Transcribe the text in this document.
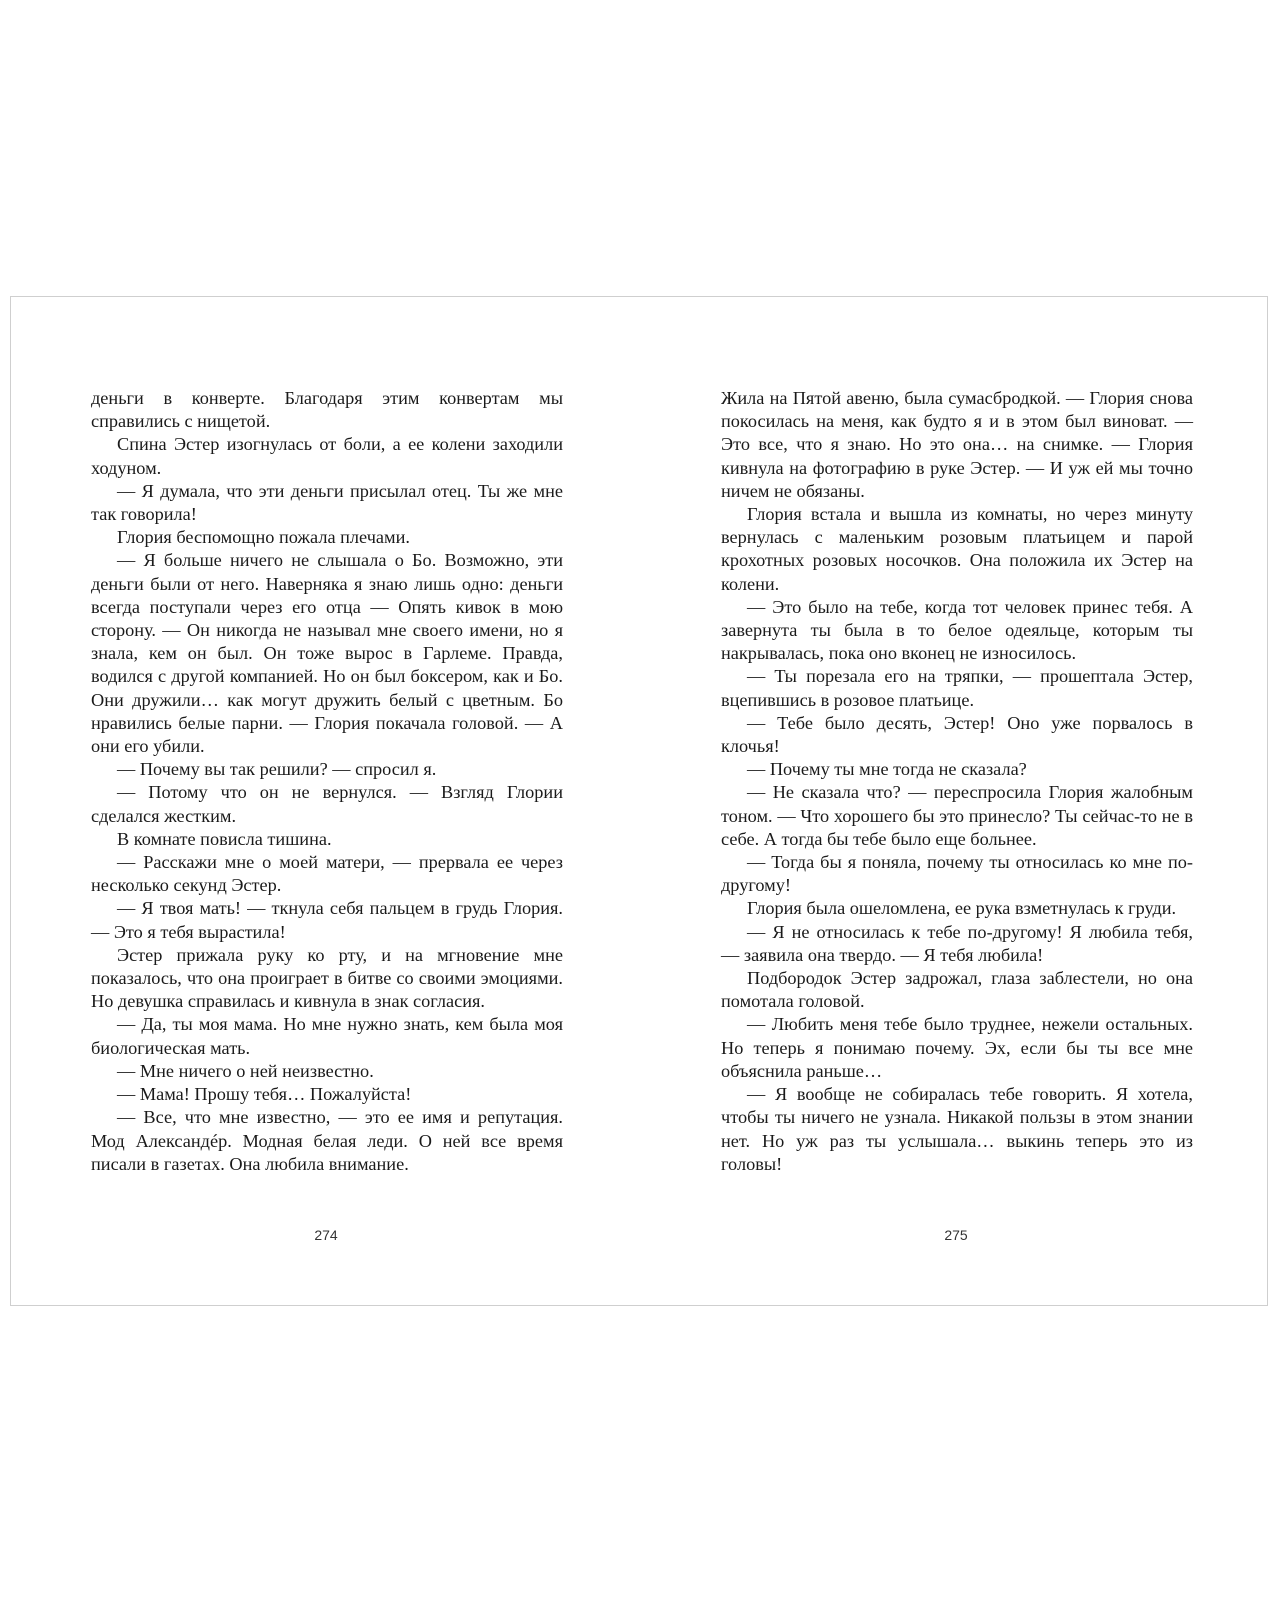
деньги в конверте. Благодаря этим конвертам мы справились с нищетой.

Спина Эстер изогнулась от боли, а ее колени заходили ходуном.

— Я думала, что эти деньги присылал отец. Ты же мне так говорила!

Глория беспомощно пожала плечами.

— Я больше ничего не слышала о Бо. Возможно, эти деньги были от него. Наверняка я знаю лишь одно: деньги всегда поступали через его отца — Опять кивок в мою сторону. — Он никогда не называл мне своего имени, но я знала, кем он был. Он тоже вырос в Гарлеме. Правда, водился с другой компанией. Но он был боксером, как и Бо. Они дружили… как могут дружить белый с цветным. Бо нравились белые парни. — Глория покачала головой. — А они его убили.

— Почему вы так решили? — спросил я.

— Потому что он не вернулся. — Взгляд Глории сделался жестким.

В комнате повисла тишина.

— Расскажи мне о моей матери, — прервала ее через несколько секунд Эстер.

— Я твоя мать! — ткнула себя пальцем в грудь Глория. — Это я тебя вырастила!

Эстер прижала руку ко рту, и на мгновение мне показалось, что она проиграет в битве со своими эмоциями. Но девушка справилась и кивнула в знак согласия.

— Да, ты моя мама. Но мне нужно знать, кем была моя биологическая мать.

— Мне ничего о ней неизвестно.

— Мама! Прошу тебя… Пожалуйста!

— Все, что мне известно, — это ее имя и репутация. Мод Александéр. Модная белая леди. О ней все время писали в газетах. Она любила внимание.

274

Жила на Пятой авеню, была сумасбродкой. — Глория снова покосилась на меня, как будто я и в этом был виноват. — Это все, что я знаю. Но это она… на снимке. — Глория кивнула на фотографию в руке Эстер. — И уж ей мы точно ничем не обязаны.

Глория встала и вышла из комнаты, но через минуту вернулась с маленьким розовым платьицем и парой крохотных розовых носочков. Она положила их Эстер на колени.

— Это было на тебе, когда тот человек принес тебя. А завернута ты была в то белое одеяльце, которым ты накрывалась, пока оно вконец не износилось.

— Ты порезала его на тряпки, — прошептала Эстер, вцепившись в розовое платьице.

— Тебе было десять, Эстер! Оно уже порвалось в клочья!

— Почему ты мне тогда не сказала?

— Не сказала что? — переспросила Глория жалобным тоном. — Что хорошего бы это принесло? Ты сейчас-то не в себе. А тогда бы тебе было еще больнее.

— Тогда бы я поняла, почему ты относилась ко мне по-другому!

Глория была ошеломлена, ее рука взметнулась к груди.

— Я не относилась к тебе по-другому! Я любила тебя, — заявила она твердо. — Я тебя любила!

Подбородок Эстер задрожал, глаза заблестели, но она помотала головой.

— Любить меня тебе было труднее, нежели остальных. Но теперь я понимаю почему. Эх, если бы ты все мне объяснила раньше…

— Я вообще не собиралась тебе говорить. Я хотела, чтобы ты ничего не узнала. Никакой пользы в этом знании нет. Но уж раз ты услышала… выкинь теперь это из головы!

275
